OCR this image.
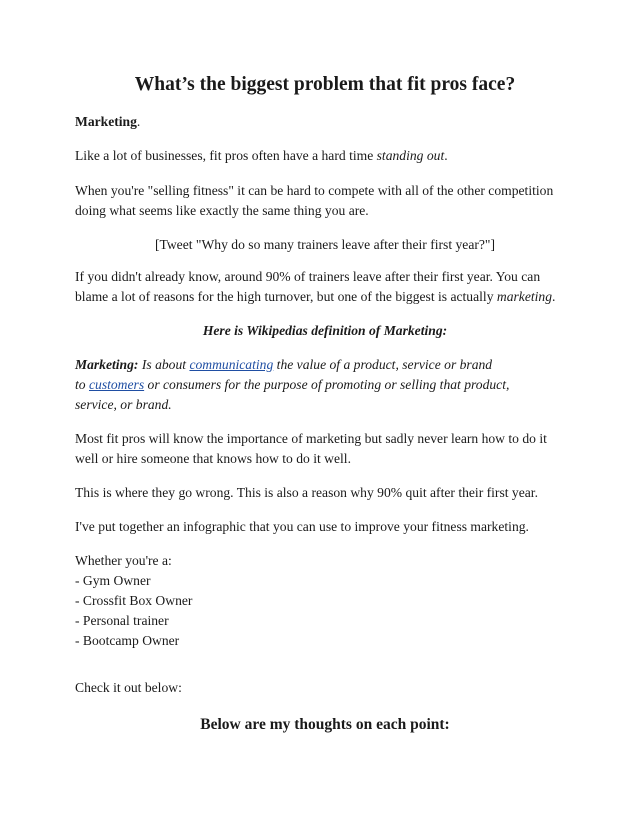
What’s the biggest problem that fit pros face?

Marketing.

Like a lot of businesses, fit pros often have a hard time standing out.

When you're "selling fitness" it can be hard to compete with all of the other competition

doing what seems like exactly the same thing you are.

[Tweet "Why do so many trainers leave after their first year?"]

If you didn't already know, around 90% of trainers leave after their first year. You can

blame a lot of reasons for the high turnover, but one of the biggest is actually marketing.

Here is Wikipedias definition of Marketing:

Marketing: Is about communicating the value of a product, service or brand

to customers or consumers for the purpose of promoting or selling that product,

service, or brand.

Most fit pros will know the importance of marketing but sadly never learn how to do it

well or hire someone that knows how to do it well.

This is where they go wrong. This is also a reason why 90% quit after their first year.

I've put together an infographic that you can use to improve your fitness marketing.

Whether you're a:

- Gym Owner

- Crossfit Box Owner

- Personal trainer

- Bootcamp Owner

Check it out below:

Below are my thoughts on each point:
